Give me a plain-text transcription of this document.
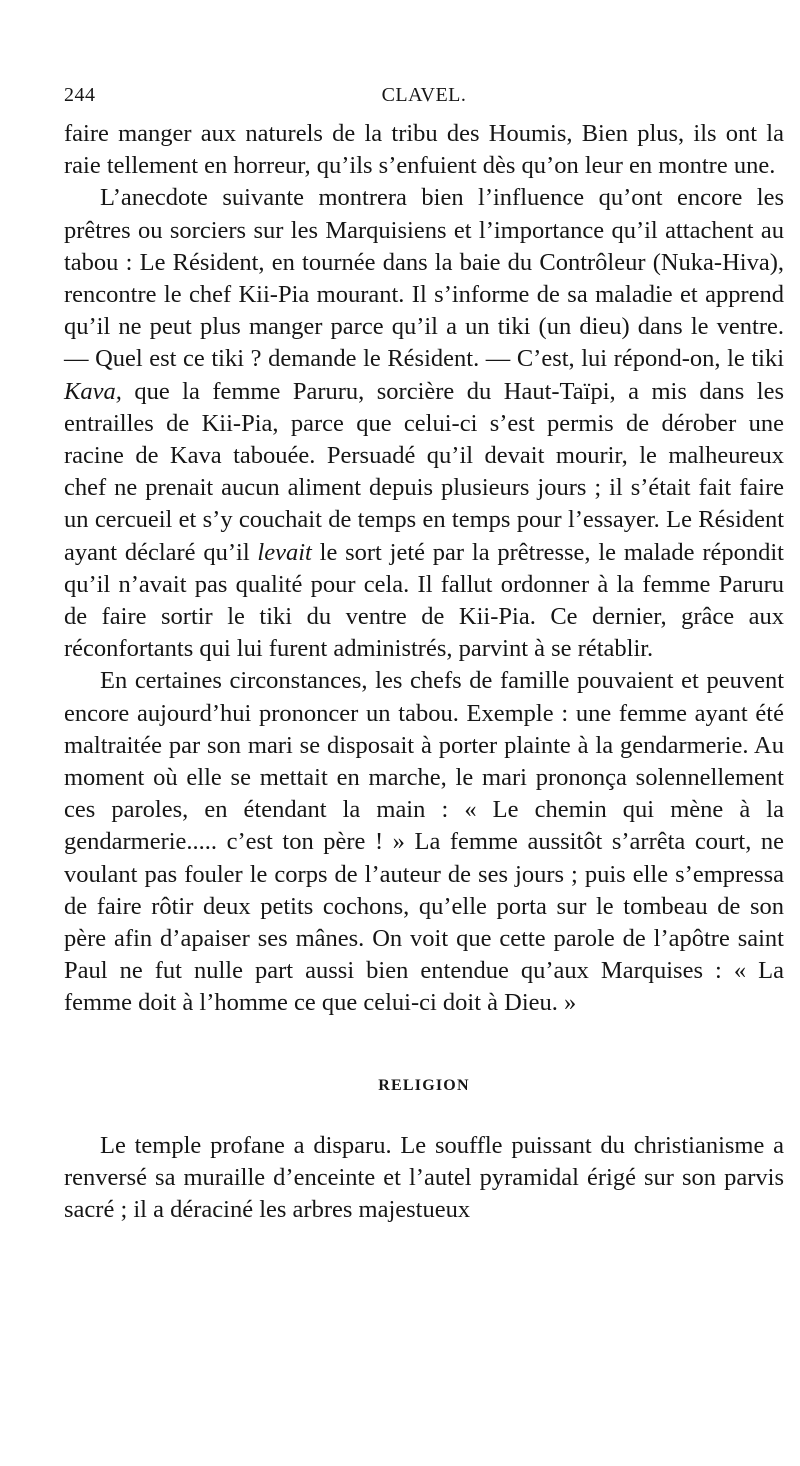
244	CLAVEL.

faire manger aux naturels de la tribu des Houmis, Bien plus, ils ont la raie tellement en horreur, qu’ils s’enfuient dès qu’on leur en montre une.

L’anecdote suivante montrera bien l’influence qu’ont encore les prêtres ou sorciers sur les Marquisiens et l’importance qu’il attachent au tabou : Le Résident, en tournée dans la baie du Contrôleur (Nuka-Hiva), rencontre le chef Kii-Pia mourant. Il s’informe de sa maladie et apprend qu’il ne peut plus manger parce qu’il a un tiki (un dieu) dans le ventre. — Quel est ce tiki ? demande le Résident. — C’est, lui répond-on, le tiki Kava, que la femme Paruru, sorcière du Haut-Taïpi, a mis dans les entrailles de Kii-Pia, parce que celui-ci s’est permis de dérober une racine de Kava tabouée. Persuadé qu’il devait mourir, le malheureux chef ne prenait aucun aliment depuis plusieurs jours ; il s’était fait faire un cercueil et s’y couchait de temps en temps pour l’essayer. Le Résident ayant déclaré qu’il levait le sort jeté par la prêtresse, le malade répondit qu’il n’avait pas qualité pour cela. Il fallut ordonner à la femme Paruru de faire sortir le tiki du ventre de Kii-Pia. Ce dernier, grâce aux réconfortants qui lui furent administrés, parvint à se rétablir.

En certaines circonstances, les chefs de famille pouvaient et peuvent encore aujourd’hui prononcer un tabou. Exemple : une femme ayant été maltraitée par son mari se disposait à porter plainte à la gendarmerie. Au moment où elle se mettait en marche, le mari prononça solennellement ces paroles, en étendant la main : « Le chemin qui mène à la gendarmerie..... c’est ton père ! » La femme aussitôt s’arrêta court, ne voulant pas fouler le corps de l’auteur de ses jours ; puis elle s’empressa de faire rôtir deux petits cochons, qu’elle porta sur le tombeau de son père afin d’apaiser ses mânes. On voit que cette parole de l’apôtre saint Paul ne fut nulle part aussi bien entendue qu’aux Marquises : « La femme doit à l’homme ce que celui-ci doit à Dieu. »

RELIGION

Le temple profane a disparu. Le souffle puissant du christianisme a renversé sa muraille d’enceinte et l’autel pyramidal érigé sur son parvis sacré ; il a déraciné les arbres majestueux
